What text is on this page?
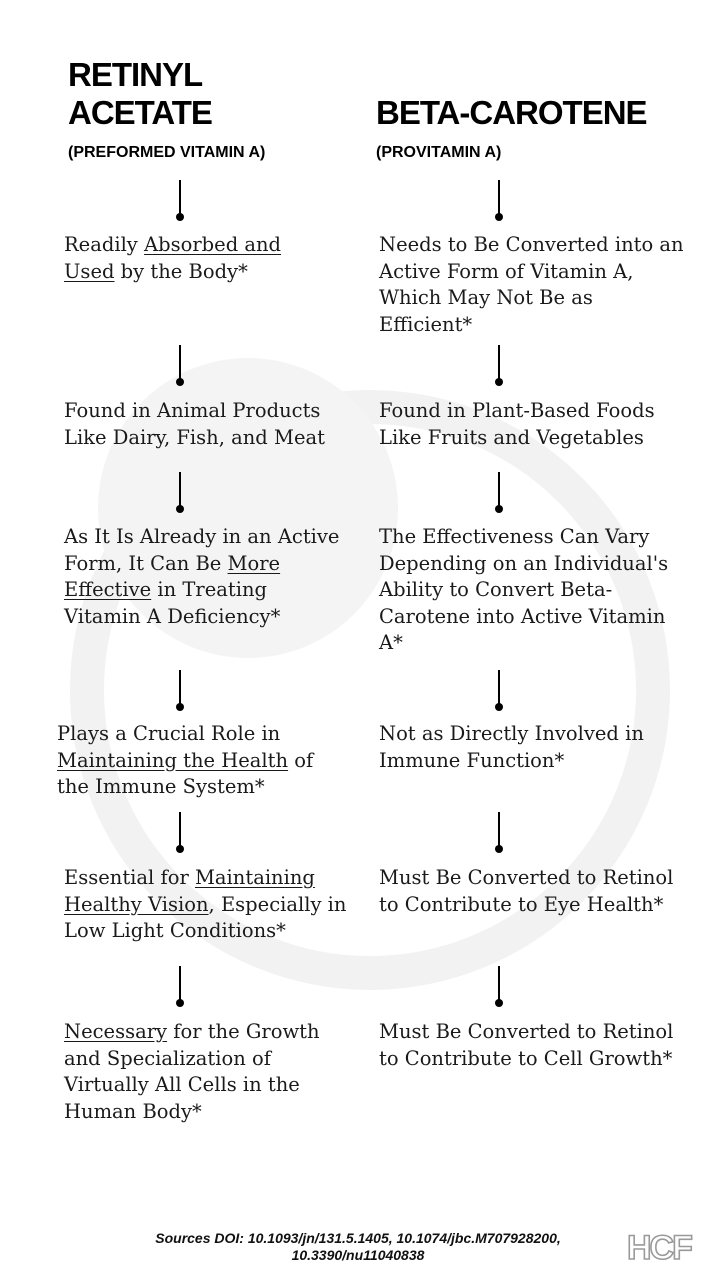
RETINYL
ACETATE
(PREFORMED VITAMIN A)
BETA-CAROTENE
(PROVITAMIN A)
Readily Absorbed and Used by the Body*
Found in Animal Products Like Dairy, Fish, and Meat
As It Is Already in an Active Form, It Can Be More Effective in Treating Vitamin A Deficiency*
Plays a Crucial Role in Maintaining the Health of the Immune System*
Essential for Maintaining Healthy Vision, Especially in Low Light Conditions*
Necessary for the Growth and Specialization of Virtually All Cells in the Human Body*
Needs to Be Converted into an Active Form of Vitamin A, Which May Not Be as Efficient*
Found in Plant-Based Foods Like Fruits and Vegetables
The Effectiveness Can Vary Depending on an Individual's Ability to Convert Beta-Carotene into Active Vitamin A*
Not as Directly Involved in Immune Function*
Must Be Converted to Retinol to Contribute to Eye Health*
Must Be Converted to Retinol to Contribute to Cell Growth*
Sources DOI: 10.1093/jn/131.5.1405, 10.1074/jbc.M707928200, 10.3390/nu11040838	HCF
